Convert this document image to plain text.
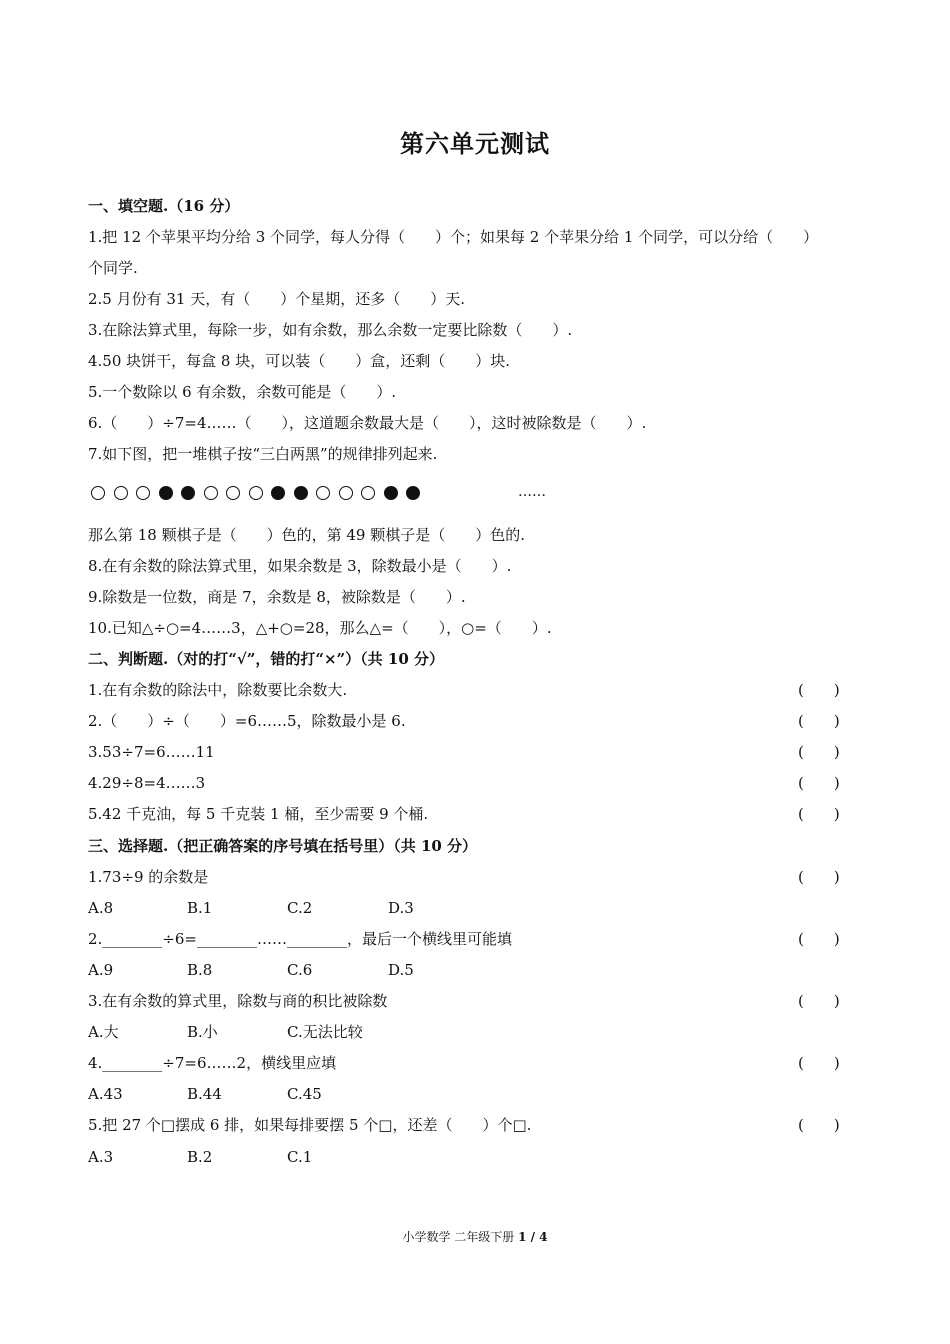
第六单元测试
一、填空题.（16 分）
1.把 12 个苹果平均分给 3 个同学，每人分得（　　）个；如果每 2 个苹果分给 1 个同学，可以分给（　　）
个同学.
2.5 月份有 31 天，有（　　）个星期，还多（　　）天.
3.在除法算式里，每除一步，如有余数，那么余数一定要比除数（　　）.
4.50 块饼干，每盒 8 块，可以装（　　）盒，还剩（　　）块.
5.一个数除以 6 有余数，余数可能是（　　）.
6.（　　）÷7=4……（　　），这道题余数最大是（　　），这时被除数是（　　）.
7.如下图，把一堆棋子按“三白两黑”的规律排列起来.
……
那么第 18 颗棋子是（　　）色的，第 49 颗棋子是（　　）色的.
8.在有余数的除法算式里，如果余数是 3，除数最小是（　　）.
9.除数是一位数，商是 7，余数是 8，被除数是（　　）.
10.已知△÷○=4……3，△+○=28，那么△=（　　），○=（　　）.
二、判断题.（对的打“√”，错的打“×”）（共 10 分）
1.在有余数的除法中，除数要比余数大.	(　　)
2.（　　）÷（　　）=6……5，除数最小是 6.	(　　)
3.53÷7=6……11	(　　)
4.29÷8=4……3	(　　)
5.42 千克油，每 5 千克装 1 桶，至少需要 9 个桶.	(　　)
三、选择题.（把正确答案的序号填在括号里）（共 10 分）
1.73÷9 的余数是	(　　)
A.8	B.1	C.2	D.3
2.________÷6=________……________，最后一个横线里可能填	(　　)
A.9	B.8	C.6	D.5
3.在有余数的算式里，除数与商的积比被除数	(　　)
A.大	B.小	C.无法比较
4.________÷7=6……2，横线里应填	(　　)
A.43	B.44	C.45
5.把 27 个□摆成 6 排，如果每排要摆 5 个□，还差（　　）个□.	(　　)
A.3	B.2	C.1
小学数学 二年级下册 1 / 4
